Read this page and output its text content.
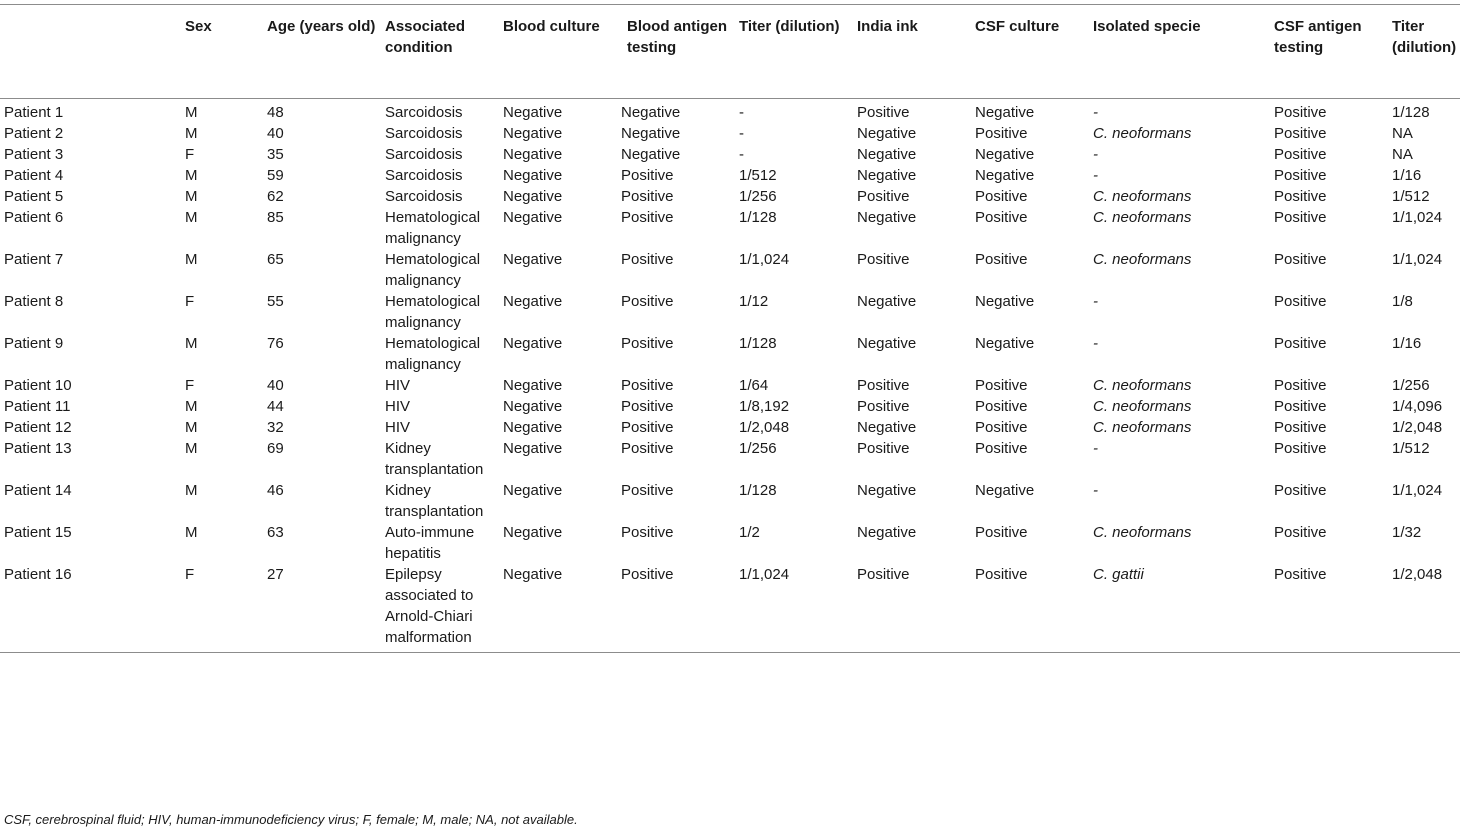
	Sex	Age (years old)	Associated condition	Blood culture	Blood antigen testing	Titer (dilution)	India ink	CSF culture	Isolated specie	CSF antigen testing	Titer (dilution)
Patient 1	M	48	Sarcoidosis	Negative	Negative	-	Positive	Negative	-	Positive	1/128
Patient 2	M	40	Sarcoidosis	Negative	Negative	-	Negative	Positive	C. neoformans	Positive	NA
Patient 3	F	35	Sarcoidosis	Negative	Negative	-	Negative	Negative	-	Positive	NA
Patient 4	M	59	Sarcoidosis	Negative	Positive	1/512	Negative	Negative	-	Positive	1/16
Patient 5	M	62	Sarcoidosis	Negative	Positive	1/256	Positive	Positive	C. neoformans	Positive	1/512
Patient 6	M	85	Hematological malignancy	Negative	Positive	1/128	Negative	Positive	C. neoformans	Positive	1/1,024
Patient 7	M	65	Hematological malignancy	Negative	Positive	1/1,024	Positive	Positive	C. neoformans	Positive	1/1,024
Patient 8	F	55	Hematological malignancy	Negative	Positive	1/12	Negative	Negative	-	Positive	1/8
Patient 9	M	76	Hematological malignancy	Negative	Positive	1/128	Negative	Negative	-	Positive	1/16
Patient 10	F	40	HIV	Negative	Positive	1/64	Positive	Positive	C. neoformans	Positive	1/256
Patient 11	M	44	HIV	Negative	Positive	1/8,192	Positive	Positive	C. neoformans	Positive	1/4,096
Patient 12	M	32	HIV	Negative	Positive	1/2,048	Negative	Positive	C. neoformans	Positive	1/2,048
Patient 13	M	69	Kidney transplantation	Negative	Positive	1/256	Positive	Positive	-	Positive	1/512
Patient 14	M	46	Kidney transplantation	Negative	Positive	1/128	Negative	Negative	-	Positive	1/1,024
Patient 15	M	63	Auto-immune hepatitis	Negative	Positive	1/2	Negative	Positive	C. neoformans	Positive	1/32
Patient 16	F	27	Epilepsy associated to Arnold-Chiari malformation	Negative	Positive	1/1,024	Positive	Positive	C. gattii	Positive	1/2,048
CSF, cerebrospinal fluid; HIV, human-immunodeficiency virus; F, female; M, male; NA, not available.
